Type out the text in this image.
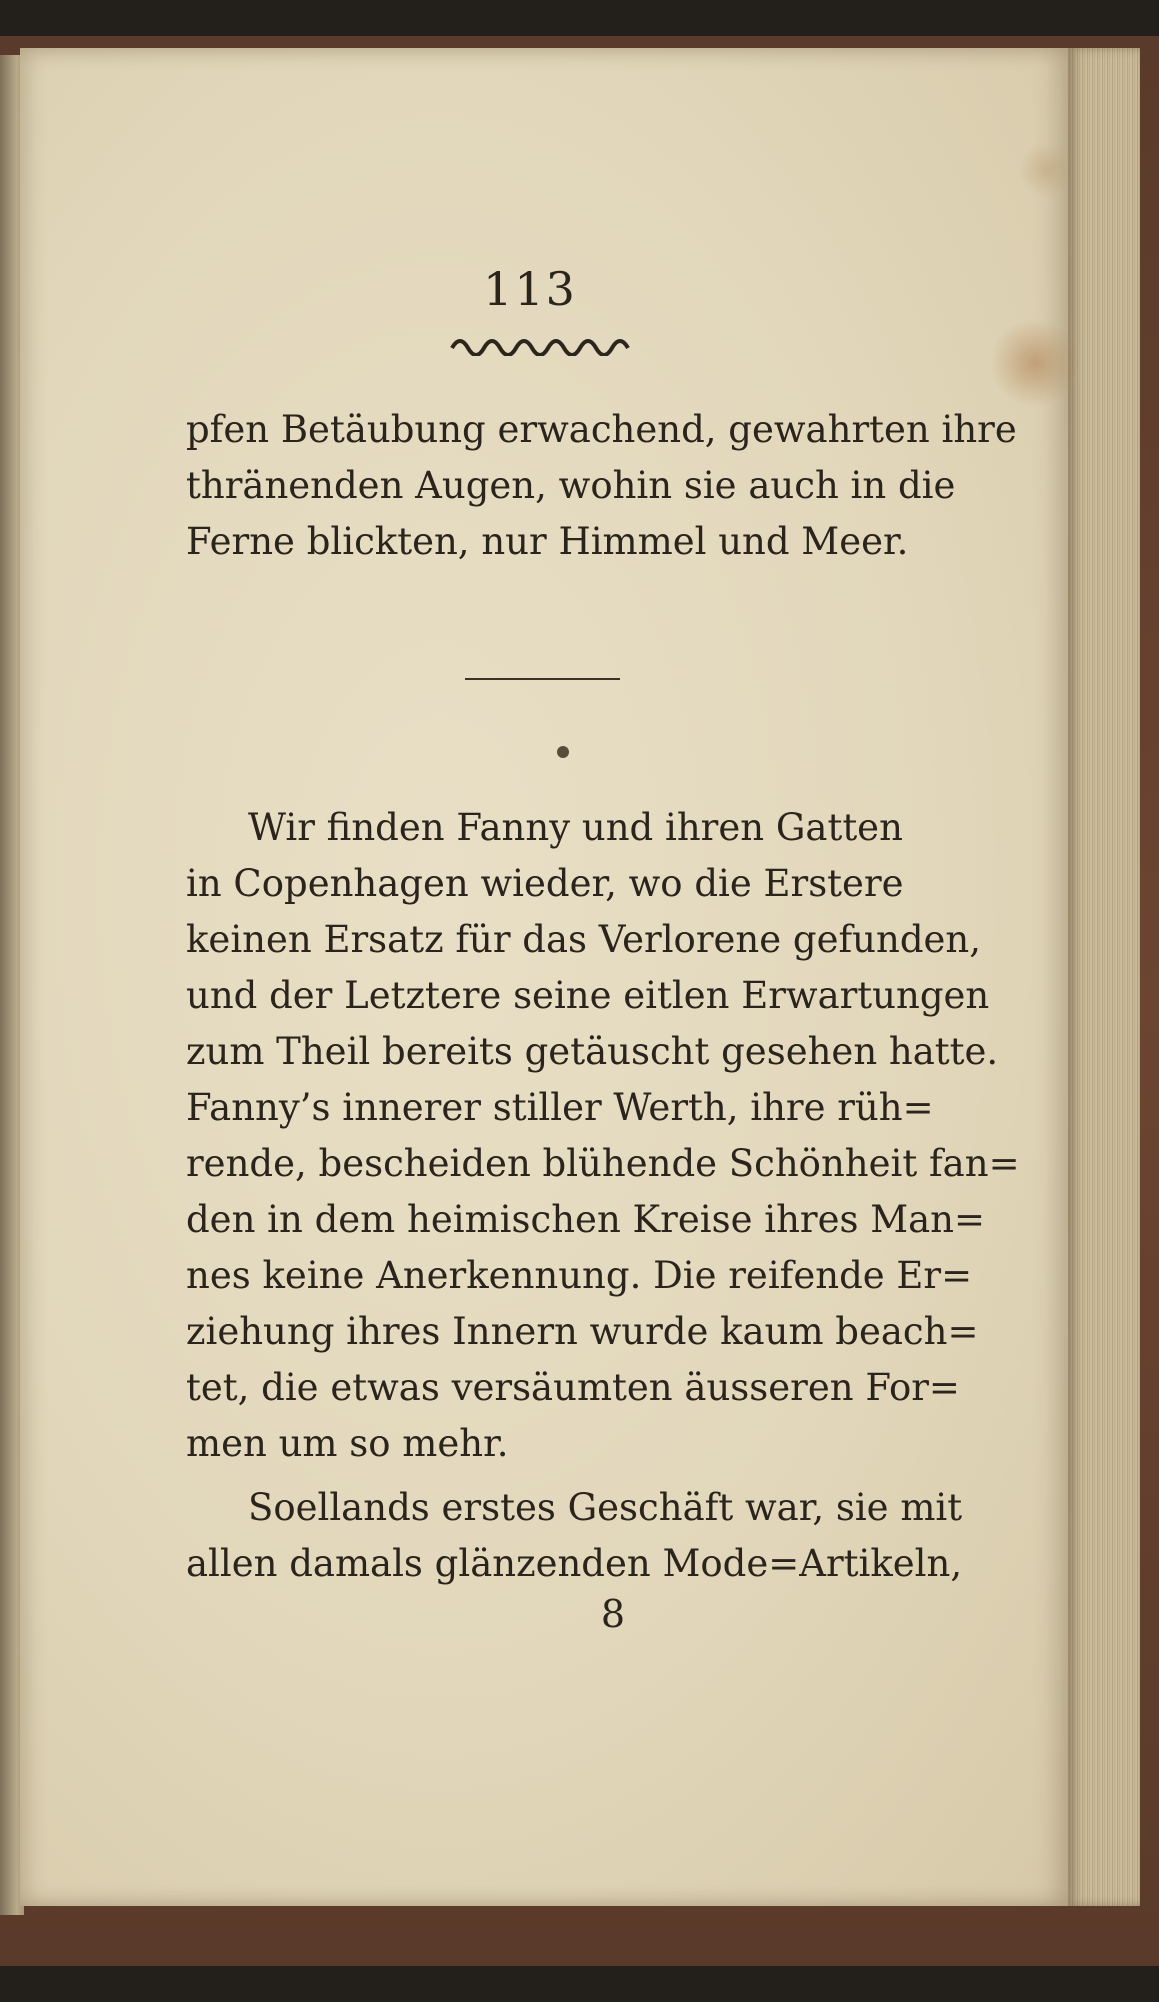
113
pfen Betäubung erwachend, gewahrten ihre
thränenden Augen, wohin sie auch in die
Ferne blickten, nur Himmel und Meer.
Wir finden Fanny und ihren Gatten
in Copenhagen wieder, wo die Erstere
keinen Ersatz für das Verlorene gefunden,
und der Letztere seine eitlen Erwartungen
zum Theil bereits getäuscht gesehen hatte.
Fanny’s innerer stiller Werth, ihre rüh=
rende, bescheiden blühende Schönheit fan=
den in dem heimischen Kreise ihres Man=
nes keine Anerkennung. Die reifende Er=
ziehung ihres Innern wurde kaum beach=
tet, die etwas versäumten äusseren For=
men um so mehr.
Soellands erstes Geschäft war, sie mit
allen damals glänzenden Mode=Artikeln,
8
